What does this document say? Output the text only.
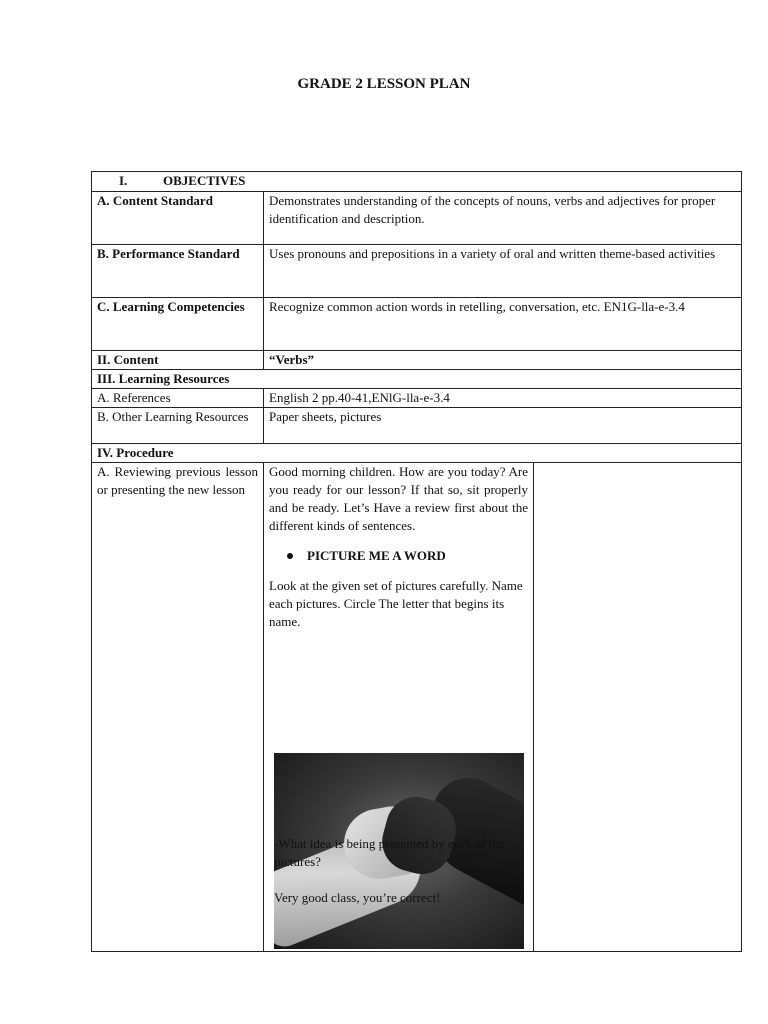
GRADE 2 LESSON PLAN
I. OBJECTIVES		
A. Content Standard	Demonstrates understanding of the concepts of nouns, verbs and adjectives for proper identification and description.	
B. Performance Standard	Uses pronouns and prepositions in a variety of oral and written theme-based activities	
C. Learning Competencies	Recognize common action words in retelling, conversation, etc. EN1G-lla-e-3.4	
II. Content	“Verbs”	
III. Learning Resources		
A. References	English 2 pp.40-41,ENlG-lla-e-3.4	
B. Other Learning Resources	Paper sheets, pictures	
IV. Procedure		
A. Reviewing previous lesson or presenting the new lesson	Good morning children. How are you today? Are you ready for our lesson? If that so, sit properly and be ready. Let’s Have a review first about the different kinds of sentences.

PICTURE ME A WORD

Look at the given set of pictures carefully. Name each pictures. Circle The letter that begins its name.

-What idea is being presented by each of the pictures?

Very good class, you’re correct!	
